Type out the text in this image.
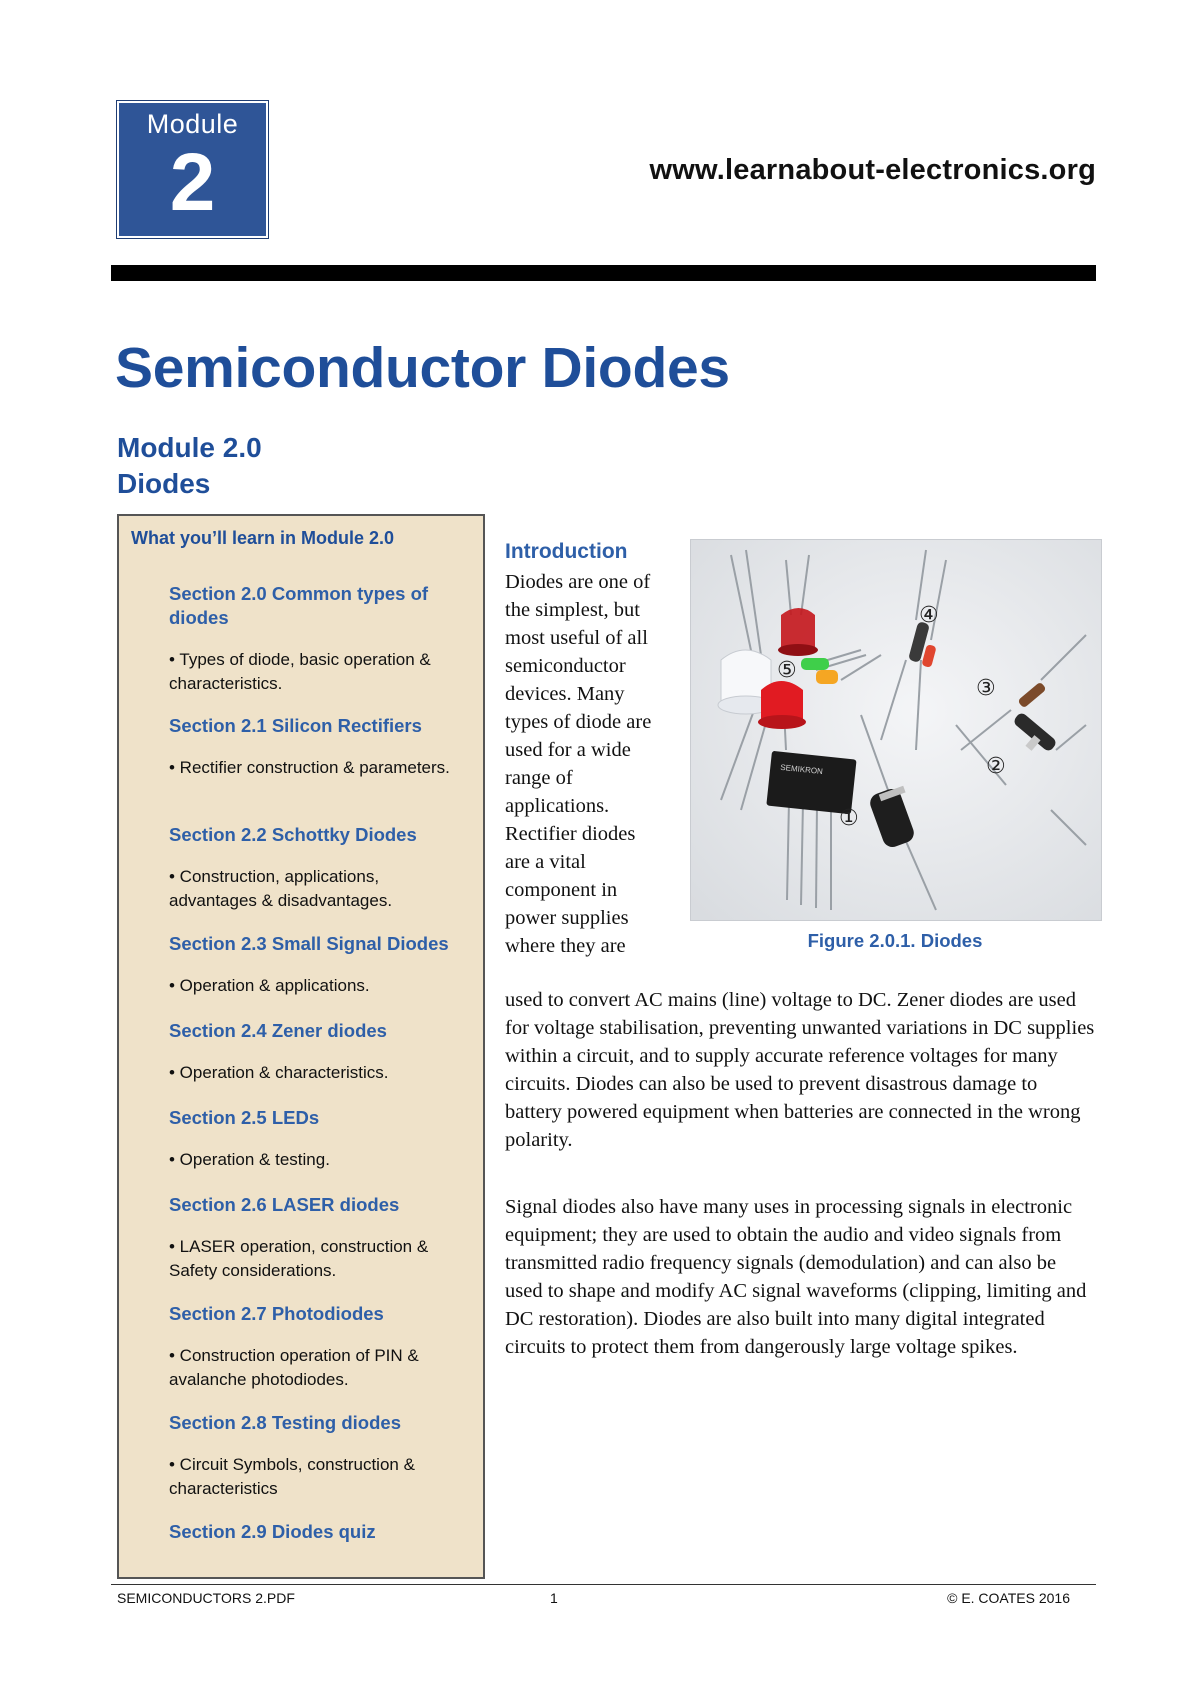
Module
2	www.learnabout-electronics.org
Semiconductor Diodes
Module 2.0
Diodes
What you’ll learn in Module 2.0
Section 2.0 Common types of diodes
• Types of diode, basic operation & characteristics.
Section 2.1 Silicon Rectifiers
• Rectifier construction & parameters.
Section 2.2 Schottky Diodes
• Construction, applications, advantages & disadvantages.
Section 2.3 Small Signal Diodes
• Operation & applications.
Section 2.4 Zener diodes
• Operation & characteristics.
Section 2.5 LEDs
• Operation & testing.
Section 2.6 LASER diodes
• LASER operation, construction & Safety considerations.
Section 2.7 Photodiodes
• Construction operation of PIN & avalanche photodiodes.
Section 2.8 Testing diodes
• Circuit Symbols, construction & characteristics
Section 2.9 Diodes quiz
Introduction

Diodes are one of the simplest, but most useful of all semiconductor devices. Many types of diode are used for a wide range of applications. Rectifier diodes are a vital component in power supplies where they are

SEMIKRON
④
③
②
①
⑤
Figure 2.0.1. Diodes

used to convert AC mains (line) voltage to DC. Zener diodes are used for voltage stabilisation, preventing unwanted variations in DC supplies within a circuit, and to supply accurate reference voltages for many circuits. Diodes can also be used to prevent disastrous damage to battery powered equipment when batteries are connected in the wrong polarity.

Signal diodes also have many uses in processing signals in electronic equipment; they are used to obtain the audio and video signals from transmitted radio frequency signals (demodulation) and can also be used to shape and modify AC signal waveforms (clipping, limiting and DC restoration). Diodes are also built into many digital integrated circuits to protect them from dangerously large voltage spikes.

SEMICONDUCTORS 2.PDF	1	© E. COATES 2016
